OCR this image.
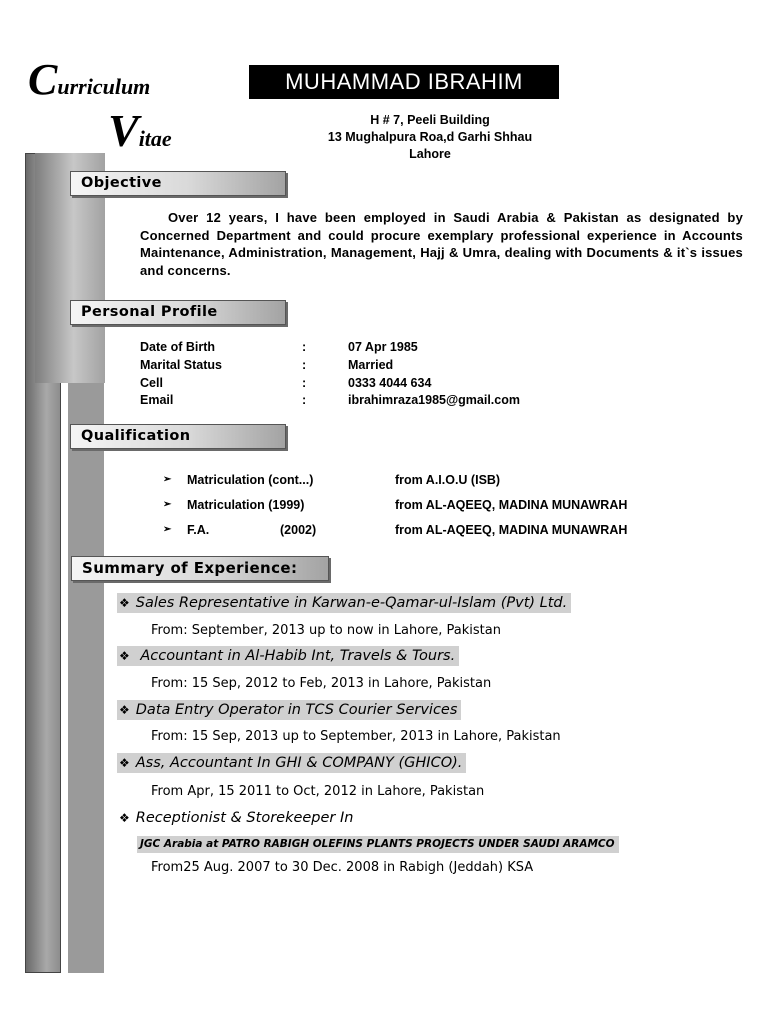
Curriculum
Vitae
MUHAMMAD IBRAHIM
H # 7, Peeli Building
13 Mughalpura Roa,d Garhi Shhau
Lahore
Objective
Over 12 years, I have been employed in Saudi Arabia & Pakistan as designated by Concerned Department and could procure exemplary professional experience in Accounts Maintenance, Administration, Management, Hajj & Umra, dealing with Documents & it`s issues and concerns.
Personal Profile
Date of Birth	:	07 Apr 1985
Marital Status	:	Married
Cell	:	0333 4044 634
Email	:	ibrahimraza1985@gmail.com
Qualification
➢ Matriculation (cont...)	from A.I.O.U (ISB)
➢ Matriculation (1999)	from AL-AQEEQ, MADINA MUNAWRAH
➢ F.A.	(2002)	from AL-AQEEQ, MADINA MUNAWRAH
Summary of Experience:
❖ Sales Representative in Karwan-e-Qamar-ul-Islam (Pvt) Ltd.
From: September, 2013 up to now in Lahore, Pakistan
❖ Accountant in Al-Habib Int, Travels & Tours.
From: 15 Sep, 2012 to Feb, 2013 in Lahore, Pakistan
❖ Data Entry Operator in TCS Courier Services
From: 15 Sep, 2013 up to September, 2013 in Lahore, Pakistan
❖ Ass, Accountant In GHI & COMPANY (GHICO).
From Apr, 15 2011 to Oct, 2012 in Lahore, Pakistan
❖ Receptionist & Storekeeper In
JGC Arabia at PATRO RABIGH OLEFINS PLANTS PROJECTS UNDER SAUDI ARAMCO
From25 Aug. 2007 to 30 Dec. 2008 in Rabigh (Jeddah) KSA
